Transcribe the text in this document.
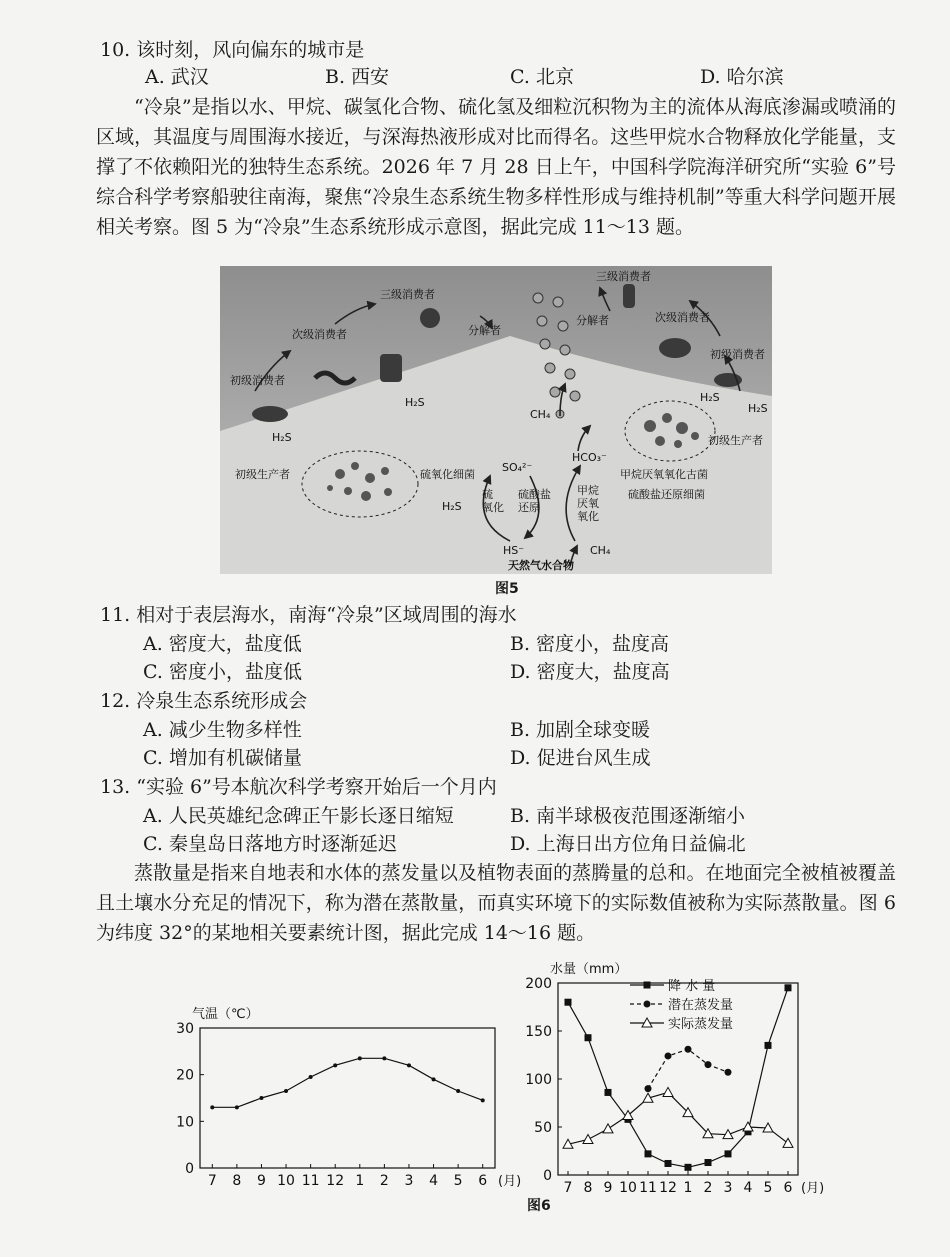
10. 该时刻，风向偏东的城市是
A. 武汉	B. 西安	C. 北京	D. 哈尔滨
“冷泉”是指以水、甲烷、碳氢化合物、硫化氢及细粒沉积物为主的流体从海底渗漏或喷涌的区域，其温度与周围海水接近，与深海热液形成对比而得名。这些甲烷水合物释放化学能量，支撑了不依赖阳光的独特生态系统。2026 年 7 月 28 日上午，中国科学院海洋研究所“实验 6”号综合科学考察船驶往南海，聚焦“冷泉生态系统生物多样性形成与维持机制”等重大科学问题开展相关考察。图 5 为“冷泉”生态系统形成示意图，据此完成 11～13 题。
三级消费者
次级消费者
初级消费者
分解者
H₂S
H₂S
初级生产者	硫氧化细菌
SO₄²⁻
H₂S
硫氧化
硫酸盐还原
甲烷厌氧氧化
HS⁻
CH₄
HCO₃⁻
CH₄
天然气水合物
三级消费者
分解者	次级消费者
初级消费者
H₂S
H₂S
初级生产者
甲烷厌氧氧化古菌
硫酸盐还原细菌
图5
11. 相对于表层海水，南海“冷泉”区域周围的海水
A. 密度大，盐度低	B. 密度小，盐度高
C. 密度小，盐度低	D. 密度大，盐度高
12. 冷泉生态系统形成会
A. 减少生物多样性	B. 加剧全球变暖
C. 增加有机碳储量	D. 促进台风生成
13. “实验 6”号本航次科学考察开始后一个月内
A. 人民英雄纪念碑正午影长逐日缩短	B. 南半球极夜范围逐渐缩小
C. 秦皇岛日落地方时逐渐延迟	D. 上海日出方位角日益偏北
蒸散量是指来自地表和水体的蒸发量以及植物表面的蒸腾量的总和。在地面完全被植被覆盖且土壤水分充足的情况下，称为潜在蒸散量，而真实环境下的实际数值被称为实际蒸散量。图 6 为纬度 32°的某地相关要素统计图，据此完成 14～16 题。
气温（℃）
0
10
20
30
7 8 9 10 11 12 1 2 3 4 5 6 (月)
水量（mm）
0
50
100
150
200
7 8 9 10 11 12 1 2 3 4 5 6 (月)
降 水 量
潜在蒸发量
实际蒸发量
图6
